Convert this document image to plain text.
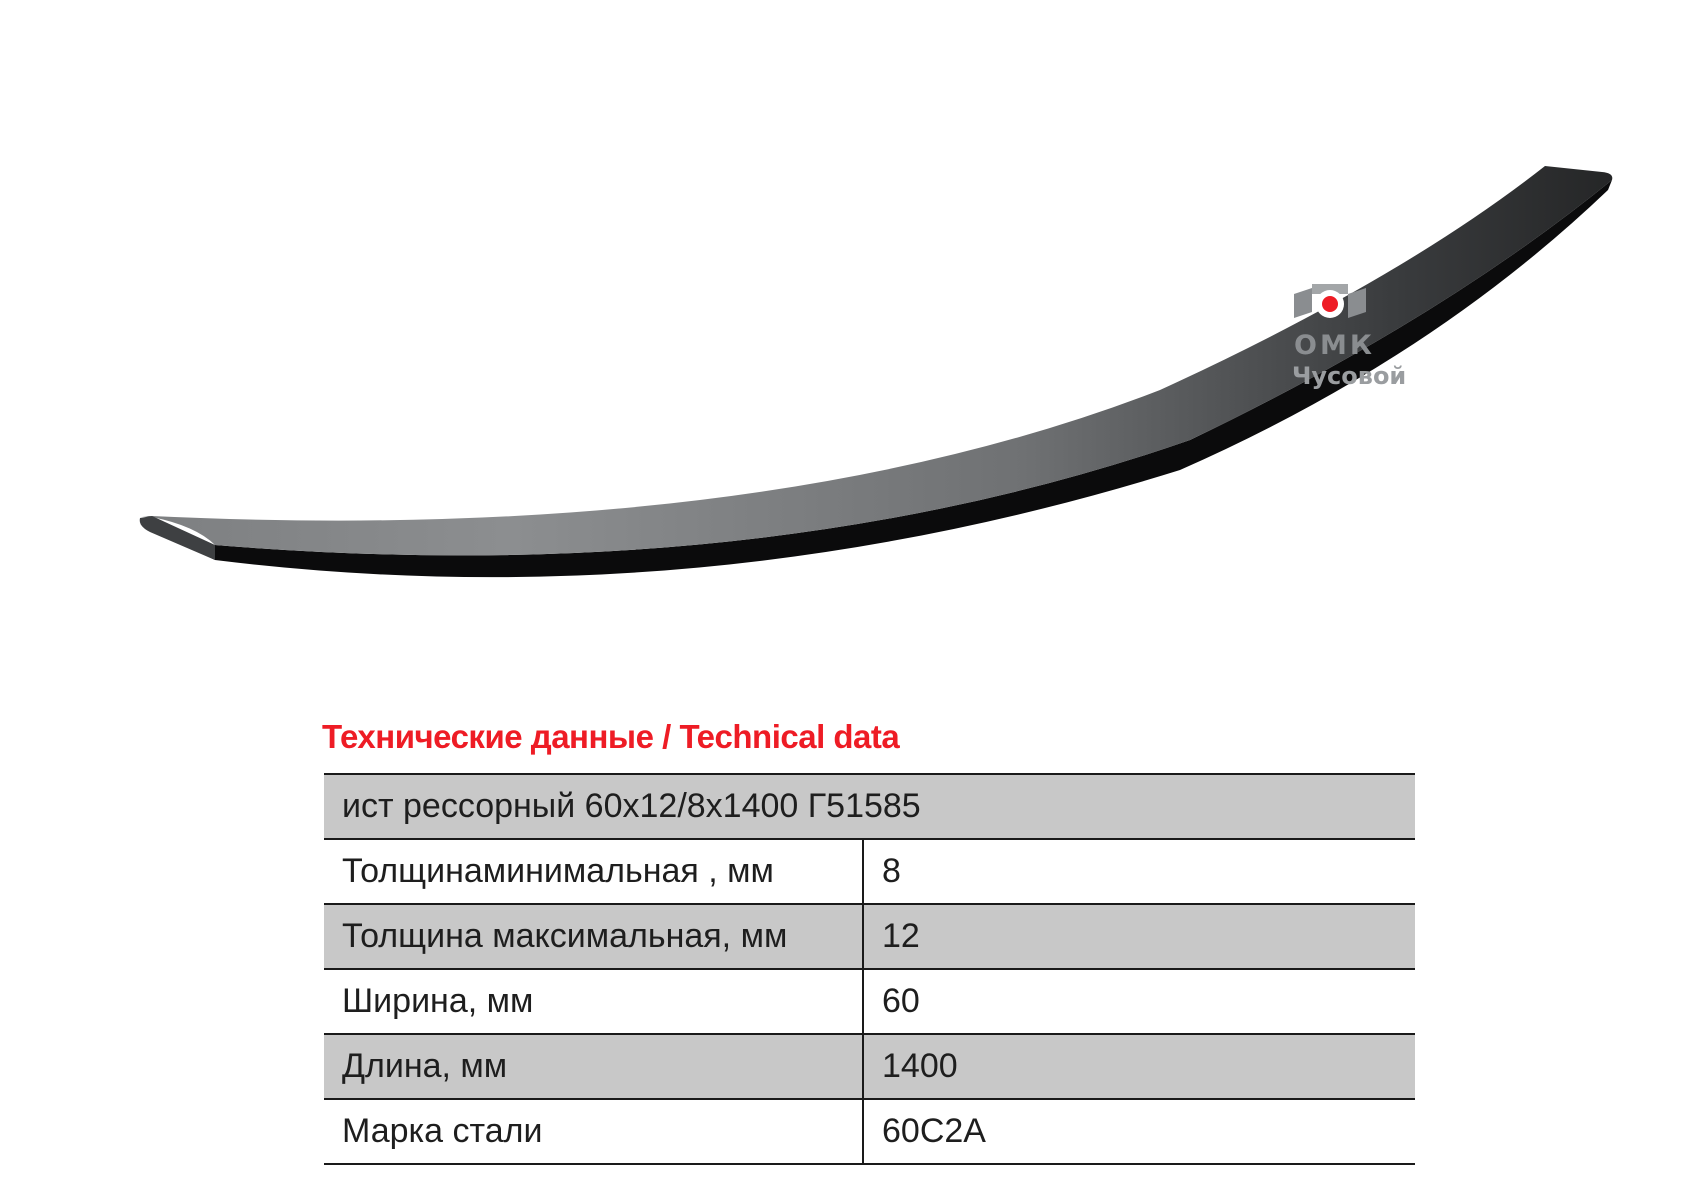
ОМК
Чусовой
Технические данные / Technical data
ист рессорный 60x12/8x1400 Г51585	
Толщинаминимальная , мм	8
Толщина максимальная, мм	12
Ширина, мм	60
Длина, мм	1400
Марка стали	60С2А
